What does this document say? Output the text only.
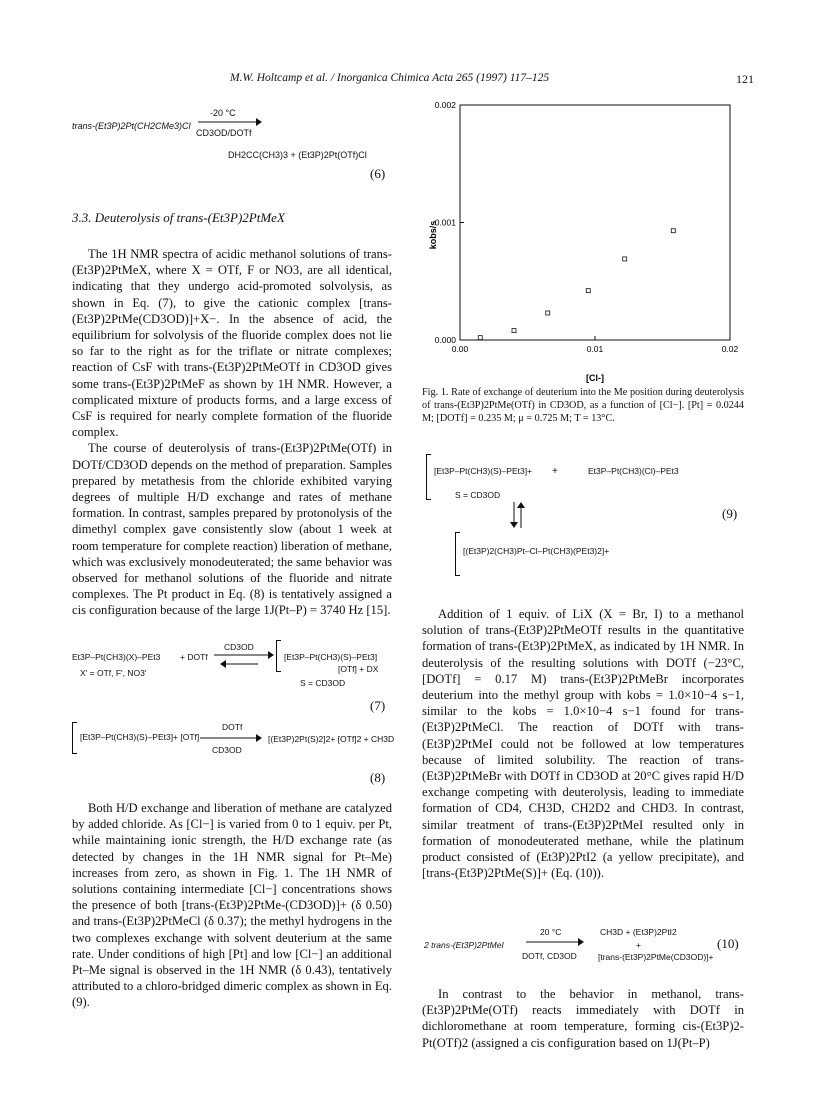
M.W. Holtcamp et al. / Inorganica Chimica Acta 265 (1997) 117–125	121
trans-(Et3P)2Pt(CH2CMe3)Cl
-20 °C
CD3OD/DOTf
DH2CC(CH3)3 + (Et3P)2Pt(OTf)Cl
(6)
3.3. Deuterolysis of trans-(Et3P)2PtMeX

The 1H NMR spectra of acidic methanol solutions of trans-(Et3P)2PtMeX, where X = OTf, F or NO3, are all identical, indicating that they undergo acid-promoted solvolysis, as shown in Eq. (7), to give the cationic complex [trans-(Et3P)2PtMe(CD3OD)]+X−. In the absence of acid, the equilibrium for solvolysis of the fluoride complex does not lie so far to the right as for the triflate or nitrate complexes; reaction of CsF with trans-(Et3P)2PtMeOTf in CD3OD gives some trans-(Et3P)2PtMeF as shown by 1H NMR. However, a complicated mixture of products forms, and a large excess of CsF is required for nearly complete formation of the fluoride complex.

The course of deuterolysis of trans-(Et3P)2PtMe(OTf) in DOTf/CD3OD depends on the method of preparation. Samples prepared by metathesis from the chloride exhibited varying degrees of multiple H/D exchange and rates of methane formation. In contrast, samples prepared by protonolysis of the dimethyl complex gave consistently slow (about 1 week at room temperature for complete reaction) liberation of methane, which was exclusively monodeuterated; the same behavior was observed for methanol solutions of the fluoride and nitrate complexes. The Pt product in Eq. (8) is tentatively assigned a cis configuration because of the large 1J(Pt–P) = 3740 Hz [15].

Et3P–Pt(CH3)(X)–PEt3 + DOTf
CD3OD
[Et3P–Pt(CH3)(S)–PEt3]
[OTf] + DX
X' = OTf, F', NO3'
S = CD3OD
(7)
[Et3P–Pt(CH3)(S)–PEt3]+ [OTf]
DOTf
CD3OD
[(Et3P)2Pt(S)2]2+ [OTf]2 + CH3D
(8)

Both H/D exchange and liberation of methane are catalyzed by added chloride. As [Cl−] is varied from 0 to 1 equiv. per Pt, while maintaining ionic strength, the H/D exchange rate (as detected by changes in the 1H NMR signal for Pt–Me) increases from zero, as shown in Fig. 1. The 1H NMR of solutions containing intermediate [Cl−] concentrations shows the presence of both [trans-(Et3P)2PtMe-(CD3OD)]+ (δ 0.50) and trans-(Et3P)2PtMeCl (δ 0.37); the methyl hydrogens in the two complexes exchange with solvent deuterium at the same rate. Under conditions of high [Pt] and low [Cl−] an additional Pt–Me signal is observed in the 1H NMR (δ 0.43), tentatively attributed to a chloro-bridged dimeric complex as shown in Eq. (9).

0.00	0.01	0.02
0.000
0.001
0.002
kobs/s
[Cl-]
Fig. 1. Rate of exchange of deuterium into the Me position during deuterolysis of trans-(Et3P)2PtMe(OTf) in CD3OD, as a function of [Cl−]. [Pt] = 0.0244 M; [DOTf] = 0.235 M; μ = 0.725 M; T = 13°C.
[Et3P–Pt(CH3)(S)–PEt3]+
S = CD3OD
+	Et3P–Pt(CH3)(Cl)–PEt3
[(Et3P)2(CH3)Pt–Cl–Pt(CH3)(PEt3)2]+
(9)

Addition of 1 equiv. of LiX (X = Br, I) to a methanol solution of trans-(Et3P)2PtMeOTf results in the quantitative formation of trans-(Et3P)2PtMeX, as indicated by 1H NMR. In deuterolysis of the resulting solutions with DOTf (−23°C, [DOTf] = 0.17 M) trans-(Et3P)2PtMeBr incorporates deuterium into the methyl group with kobs = 1.0×10−4 s−1, similar to the kobs = 1.0×10−4 s−1 found for trans-(Et3P)2PtMeCl. The reaction of DOTf with trans-(Et3P)2PtMeI could not be followed at low temperatures because of limited solubility. The reaction of trans-(Et3P)2PtMeBr with DOTf in CD3OD at 20°C gives rapid H/D exchange competing with deuterolysis, leading to immediate formation of CD4, CH3D, CH2D2 and CHD3. In contrast, similar treatment of trans-(Et3P)2PtMeI resulted only in formation of monodeuterated methane, while the platinum product consisted of (Et3P)2PtI2 (a yellow precipitate), and [trans-(Et3P)2PtMe(S)]+ (Eq. (10)).

2 trans-(Et3P)2PtMeI
20 °C
DOTf, CD3OD
CH3D + (Et3P)2PtI2
+
[trans-(Et3P)2PtMe(CD3OD)]+
(10)

In contrast to the behavior in methanol, trans-(Et3P)2PtMe(OTf) reacts immediately with DOTf in dichloromethane at room temperature, forming cis-(Et3P)2-Pt(OTf)2 (assigned a cis configuration based on 1J(Pt–P)
